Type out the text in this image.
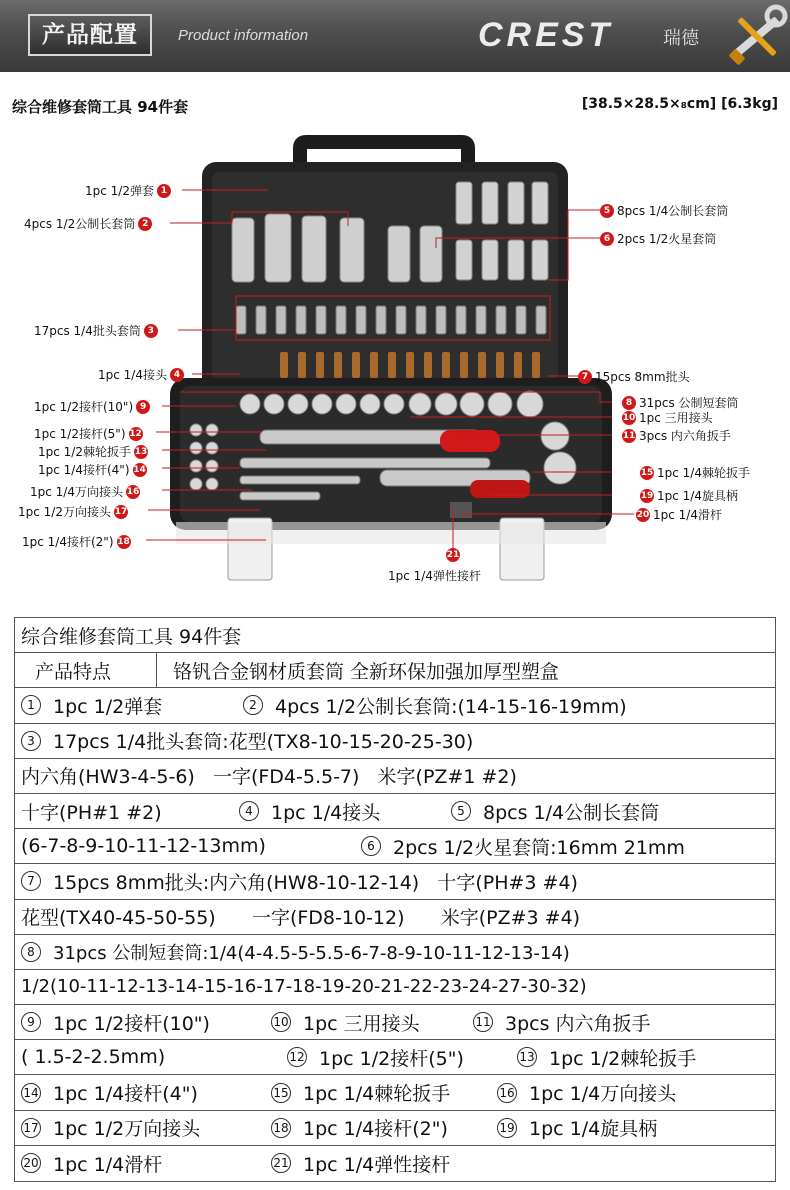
产品配置	Product information	CREST	瑞德
综合维修套筒工具 94件套	[38.5×28.5×₈cm] [6.3kg]
1pc 1/2弹套 1
4pcs 1/2公制长套筒 2
17pcs 1/4批头套筒 3
1pc 1/4接头 4
5 8pcs 1/4公制长套筒
6 2pcs 1/2火星套筒
7 15pcs 8mm批头
8 31pcs 公制短套筒
1pc 1/2接杆(10") 9
10 1pc 三用接头
11 3pcs 内六角扳手
1pc 1/2接杆(5") 12
1pc 1/2棘轮扳手 13
1pc 1/4接杆(4") 14	15 1pc 1/4棘轮扳手
1pc 1/4万向接头 16	19 1pc 1/4旋具柄
1pc 1/2万向接头 17	20 1pc 1/4滑杆
1pc 1/4接杆(2") 18
21
1pc 1/4弹性接杆
综合维修套筒工具 94件套
产品特点	铬钒合金钢材质套筒 全新环保加强加厚型塑盒
1 1pc 1/2弹套	2 4pcs 1/2公制长套筒:(14-15-16-19mm)
3 17pcs 1/4批头套筒:花型(TX8-10-15-20-25-30)
内六角(HW3-4-5-6)   一字(FD4-5.5-7)   米字(PZ#1 #2)
十字(PH#1 #2)	4 1pc 1/4接头	5 8pcs 1/4公制长套筒
(6-7-8-9-10-11-12-13mm)	6 2pcs 1/2火星套筒:16mm 21mm
7 15pcs 8mm批头:内六角(HW8-10-12-14)   十字(PH#3 #4)
花型(TX40-45-50-55)      一字(FD8-10-12)      米字(PZ#3 #4)
8	31pcs 公制短套筒:1/4(4-4.5-5-5.5-6-7-8-9-10-11-12-13-14)
1/2(10-11-12-13-14-15-16-17-18-19-20-21-22-23-24-27-30-32)
9 1pc 1/2接杆(10")	10 1pc 三用接头	11 3pcs 内六角扳手
( 1.5-2-2.5mm)	12 1pc 1/2接杆(5")	13 1pc 1/2棘轮扳手
14 1pc 1/4接杆(4")	15 1pc 1/4棘轮扳手	16 1pc 1/4万向接头
17 1pc 1/2万向接头	18 1pc 1/4接杆(2")	19 1pc 1/4旋具柄
20 1pc 1/4滑杆	21 1pc 1/4弹性接杆
